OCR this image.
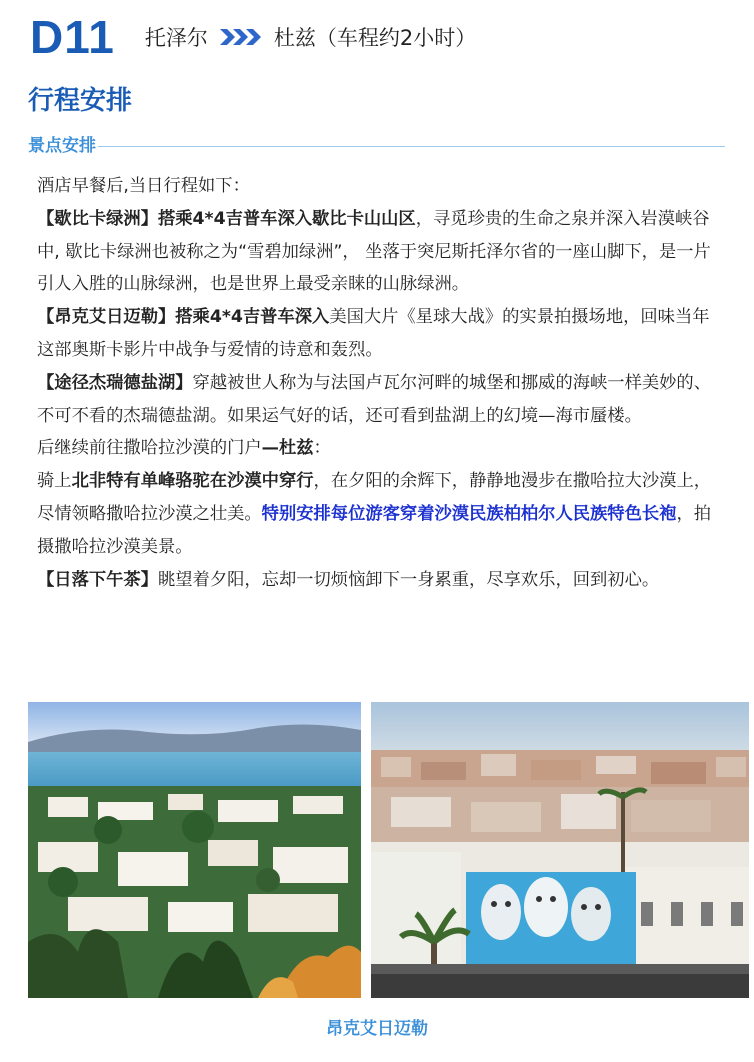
D11 托泽尔	杜兹（车程约2小时）
行程安排
景点安排

酒店早餐后,当日行程如下：

【歇比卡绿洲】搭乘4*4吉普车深入歇比卡山山区，寻觅珍贵的生命之泉并深入岩漠峡谷中, 歇比卡绿洲也被称之为“雪碧加绿洲”， 坐落于突尼斯托泽尔省的一座山脚下，是一片引人入胜的山脉绿洲，也是世界上最受亲睐的山脉绿洲。

【昂克艾日迈勒】搭乘4*4吉普车深入美国大片《星球大战》的实景拍摄场地，回味当年这部奥斯卡影片中战争与爱情的诗意和轰烈。

【途径杰瑞德盐湖】穿越被世人称为与法国卢瓦尔河畔的城堡和挪威的海峡一样美妙的、不可不看的杰瑞德盐湖。如果运气好的话，还可看到盐湖上的幻境—海市蜃楼。

后继续前往撒哈拉沙漠的门户—杜兹：

骑上北非特有单峰骆驼在沙漠中穿行，在夕阳的余辉下，静静地漫步在撒哈拉大沙漠上，尽情领略撒哈拉沙漠之壮美。特别安排每位游客穿着沙漠民族柏柏尔人民族特色长袍，拍摄撒哈拉沙漠美景。

【日落下午茶】眺望着夕阳，忘却一切烦恼卸下一身累重，尽享欢乐，回到初心。

昂克艾日迈勒
